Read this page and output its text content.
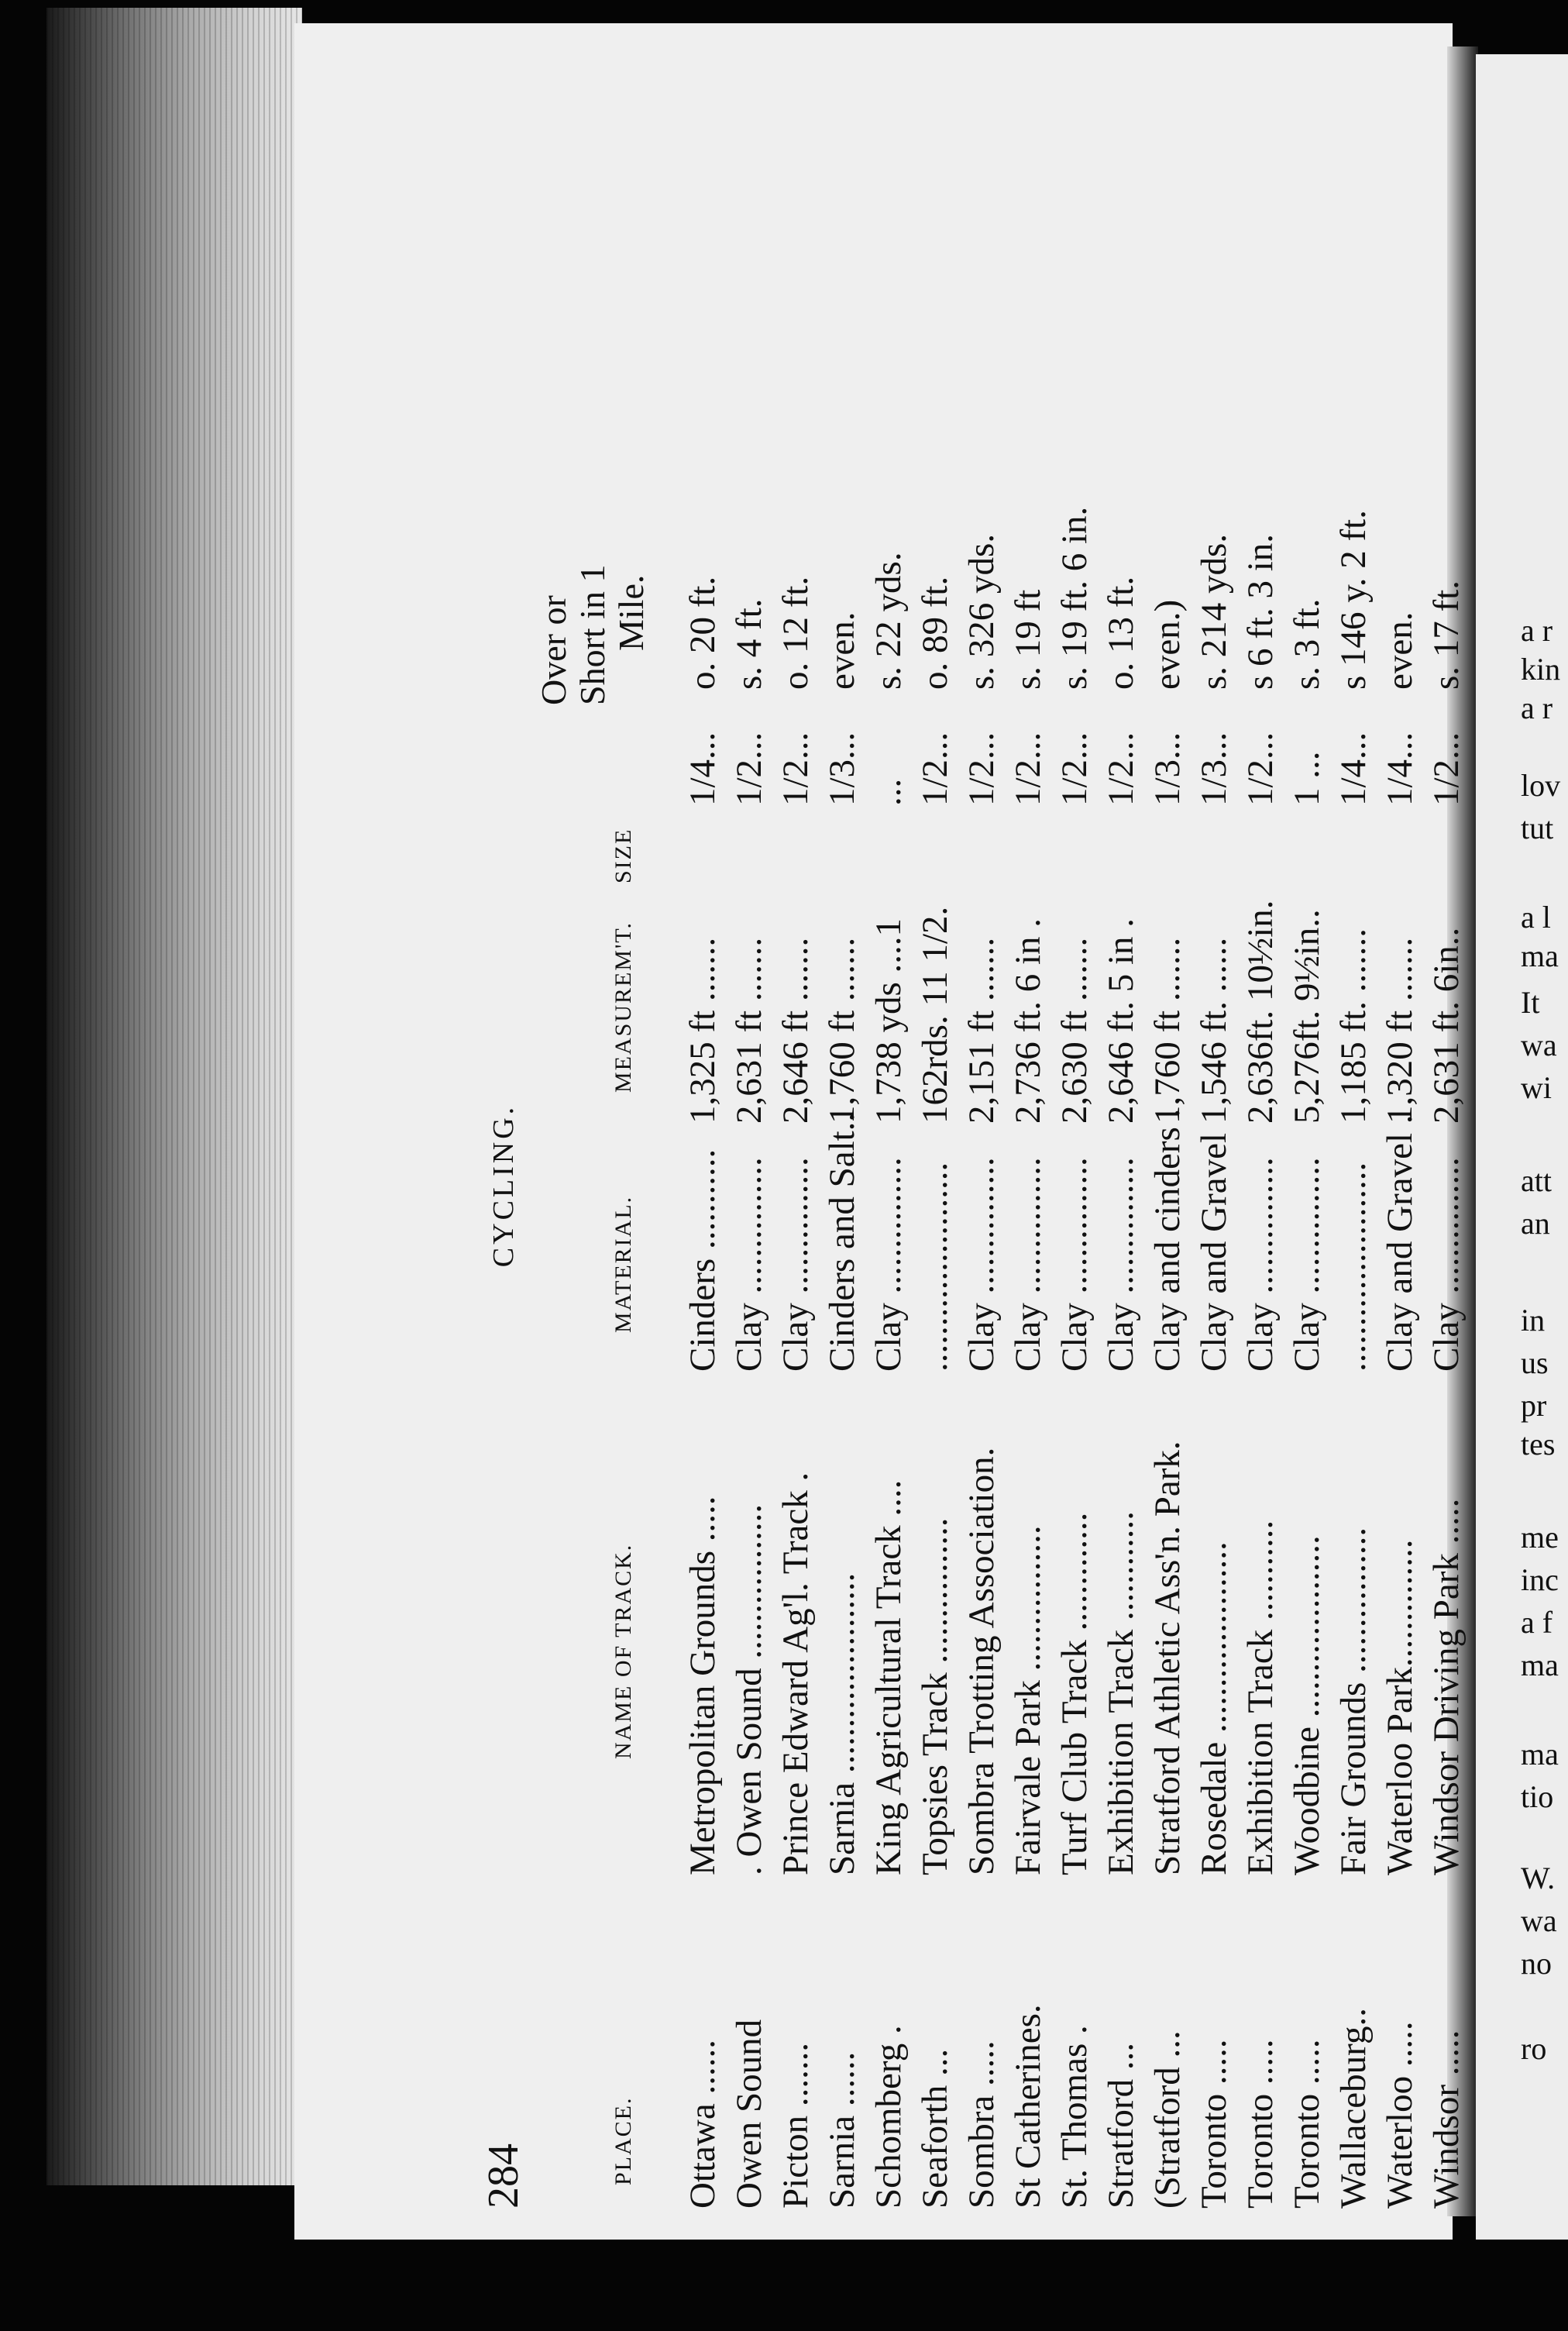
a r
kin
a r
lov
tut
a l
ma
It
wa
wi
att
an
in
us
pr
tes
me
inc
a f
ma
ma
tio
W.
wa
no
ro
284
CYCLING.
PLACE.
NAME OF TRACK.
MATERIAL.
MEASUREM'T.
SIZE
Over or Short in 1 Mile.
Ottawa ......
Metropolitan Grounds .....
Cinders ...........
1,325 ft .......
1/4...
o. 20 ft.
Owen Sound
. Owen Sound .................
Clay ...............
2,631 ft .......
1/2...
s. 4 ft.
Picton .......
Prince Edward Ag'l. Track .
Clay ...............
2,646 ft .......
1/2...
o. 12 ft.
Sarnia ......
Sarnia ......................
Cinders and Salt..
1,760 ft .......
1/3...
even.
Schomberg .
King Agricultural Track ....
Clay ...............
1,738 yds ....1
...
s. 22 yds.
Seaforth ...
Topsies Track ................
.......................
162rds. 11 1/2.
1/2...
o. 89 ft.
Sombra .....
Sombra Trotting Association.
Clay ...............
2,151 ft .......
1/2...
s. 326 yds.
St Catherines.
Fairvale Park ................
Clay ...............
2,736 ft. 6 in .
1/2...
s. 19 ft
St. Thomas .
Turf Club Track .............
Clay ...............
2,630 ft .......
1/2...
s. 19 ft. 6 in.
Stratford ...
Exhibition Track ............
Clay ...............
2,646 ft. 5 in .
1/2...
o. 13 ft.
(Stratford ...
Stratford Athletic Ass'n. Park.
Clay and cinders .
1,760 ft .......
1/3...
even.)
Toronto .....
Rosedale .....................
Clay and Gravel
1,546 ft. ......
1/3...
s. 214 yds.
Toronto .....
Exhibition Track ...........
Clay ...............
2,636ft. 10½in.
1/2...
s 6 ft. 3 in.
Toronto .....
Woodbine ....................
Clay ...............
5,276ft. 9½in..
1 ...
s. 3 ft.
Wallaceburg..
Fair Grounds ................
.......................
1,185 ft. .......
1/4...
s 146 y. 2 ft.
Waterloo .....
Waterloo Park..............
Clay and Gravel .
1,320 ft .......
1/4...
even.
Windsor .....
Windsor Driving Park .....
Clay ...............
2,631 ft. 6in..
1/2...
s. 17 ft.
